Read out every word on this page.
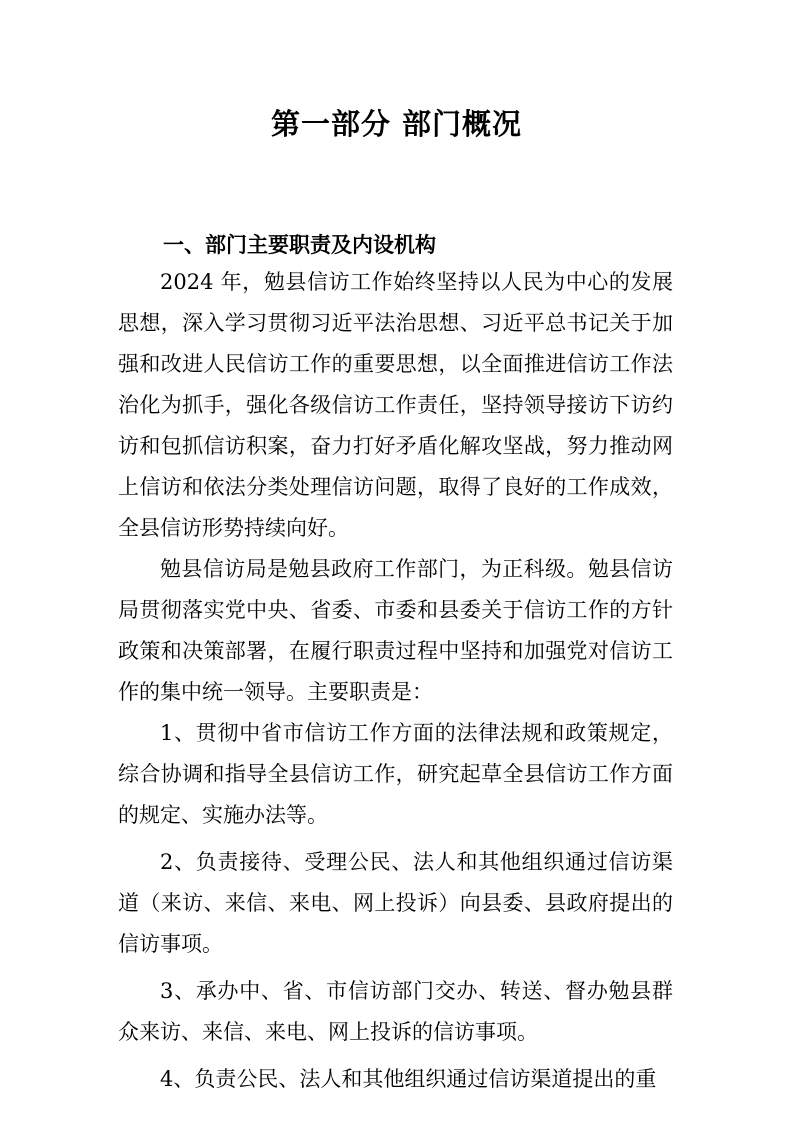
第一部分 部门概况
一、部门主要职责及内设机构

2024 年，勉县信访工作始终坚持以人民为中心的发展思想，深入学习贯彻习近平法治思想、习近平总书记关于加强和改进人民信访工作的重要思想，以全面推进信访工作法治化为抓手，强化各级信访工作责任，坚持领导接访下访约访和包抓信访积案，奋力打好矛盾化解攻坚战，努力推动网上信访和依法分类处理信访问题，取得了良好的工作成效，全县信访形势持续向好。

勉县信访局是勉县政府工作部门，为正科级。勉县信访局贯彻落实党中央、省委、市委和县委关于信访工作的方针政策和决策部署，在履行职责过程中坚持和加强党对信访工作的集中统一领导。主要职责是：

1、贯彻中省市信访工作方面的法律法规和政策规定，综合协调和指导全县信访工作，研究起草全县信访工作方面的规定、实施办法等。

2、负责接待、受理公民、法人和其他组织通过信访渠道（来访、来信、来电、网上投诉）向县委、县政府提出的信访事项。

3、承办中、省、市信访部门交办、转送、督办勉县群众来访、来信、来电、网上投诉的信访事项。

4、负责公民、法人和其他组织通过信访渠道提出的重
